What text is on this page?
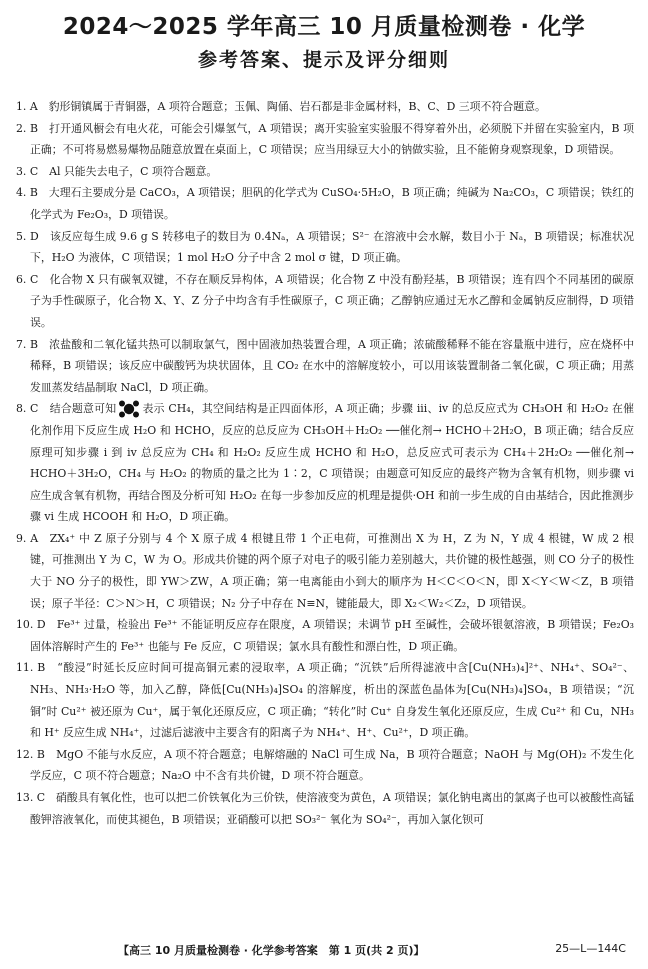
2024～2025 学年高三 10 月质量检测卷 · 化学
参考答案、提示及评分细则

1. A　 豹形铜镇属于青铜器，A 项符合题意；玉佩、陶俑、岩石都是非金属材料，B、C、D 三项不符合题意。

2. B　 打开通风橱会有电火花，可能会引爆氢气，A 项错误；离开实验室实验服不得穿着外出，必须脱下并留在实验室内，B 项正确；不可将易燃易爆物品随意放置在桌面上，C 项错误；应当用绿豆大小的钠做实验，且不能俯身观察现象，D 项错误。

3. C　 Al 只能失去电子，C 项符合题意。

4. B　 大理石主要成分是 CaCO₃，A 项错误；胆矾的化学式为 CuSO₄·5H₂O，B 项正确；纯碱为 Na₂CO₃，C 项错误；铁红的化学式为 Fe₂O₃，D 项错误。

5. D　 该反应每生成 9.6 g S 转移电子的数目为 0.4Nₐ，A 项错误；S²⁻ 在溶液中会水解，数目小于 Nₐ，B 项错误；标准状况下，H₂O 为液体，C 项错误；1 mol H₂O 分子中含 2 mol σ 键，D 项正确。

6. C　 化合物 X 只有碳氧双键，不存在顺反异构体，A 项错误；化合物 Z 中没有酚羟基，B 项错误；连有四个不同基团的碳原子为手性碳原子，化合物 X、Y、Z 分子中均含有手性碳原子，C 项正确；乙醇钠应通过无水乙醇和金属钠反应制得，D 项错误。

7. B　 浓盐酸和二氧化锰共热可以制取氯气，图中固液加热装置合理，A 项正确；浓硫酸稀释不能在容量瓶中进行，应在烧杯中稀释，B 项错误；该反应中碳酸钙为块状固体，且 CO₂ 在水中的溶解度较小，可以用该装置制备二氧化碳，C 项正确；用蒸发皿蒸发结晶制取 NaCl，D 项正确。

8. C　 结合题意可知 表示 CH₄，其空间结构是正四面体形，A 项正确；步骤 iii、iv 的总反应式为 CH₃OH 和 H₂O₂ 在催化剂作用下反应生成 H₂O 和 HCHO，反应的总反应为 CH₃OH＋H₂O₂ ──催化剂→ HCHO＋2H₂O，B 项正确；结合反应原理可知步骤 i 到 iv 总反应为 CH₄ 和 H₂O₂ 反应生成 HCHO 和 H₂O，总反应式可表示为 CH₄＋2H₂O₂ ──催化剂→ HCHO＋3H₂O，CH₄ 与 H₂O₂ 的物质的量之比为 1∶2，C 项错误；由题意可知反应的最终产物为含氧有机物，则步骤 vi 应生成含氧有机物，再结合图及分析可知 H₂O₂ 在每一步参加反应的机理是提供·OH 和前一步生成的自由基结合，因此推测步骤 vi 生成 HCOOH 和 H₂O，D 项正确。

9. A　 ZX₄⁺ 中 Z 原子分别与 4 个 X 原子成 4 根键且带 1 个正电荷，可推测出 X 为 H，Z 为 N，Y 成 4 根键，W 成 2 根键，可推测出 Y 为 C，W 为 O。形成共价键的两个原子对电子的吸引能力差别越大，共价键的极性越强，则 CO 分子的极性大于 NO 分子的极性，即 YW＞ZW，A 项正确；第一电离能由小到大的顺序为 H＜C＜O＜N，即 X＜Y＜W＜Z，B 项错误；原子半径：C＞N＞H，C 项错误；N₂ 分子中存在 N≡N，键能最大，即 X₂＜W₂＜Z₂，D 项错误。

10. D　 Fe³⁺ 过量，检验出 Fe³⁺ 不能证明反应存在限度，A 项错误；未调节 pH 至碱性，会破坏银氨溶液，B 项错误；Fe₂O₃ 固体溶解时产生的 Fe³⁺ 也能与 Fe 反应，C 项错误；氯水具有酸性和漂白性，D 项正确。

11. B　 “酸浸”时延长反应时间可提高铜元素的浸取率，A 项正确；“沉铁”后所得滤液中含[Cu(NH₃)₄]²⁺、NH₄⁺、SO₄²⁻、NH₃、NH₃·H₂O 等，加入乙醇，降低[Cu(NH₃)₄]SO₄ 的溶解度，析出的深蓝色晶体为[Cu(NH₃)₄]SO₄，B 项错误；“沉铜”时 Cu²⁺ 被还原为 Cu⁺，属于氧化还原反应，C 项正确；“转化”时 Cu⁺ 自身发生氧化还原反应，生成 Cu²⁺ 和 Cu，NH₃ 和 H⁺ 反应生成 NH₄⁺，过滤后滤液中主要含有的阳离子为 NH₄⁺、H⁺、Cu²⁺，D 项正确。

12. B　 MgO 不能与水反应，A 项不符合题意；电解熔融的 NaCl 可生成 Na，B 项符合题意；NaOH 与 Mg(OH)₂ 不发生化学反应，C 项不符合题意；Na₂O 中不含有共价键，D 项不符合题意。

13. C　 硝酸具有氧化性，也可以把二价铁氧化为三价铁，使溶液变为黄色，A 项错误；氯化钠电离出的氯离子也可以被酸性高锰酸钾溶液氧化，而使其褪色，B 项错误；亚硝酸可以把 SO₃²⁻ 氧化为 SO₄²⁻，再加入氯化钡可

【高三 10 月质量检测卷 · 化学参考答案　第 1 页(共 2 页)】	25—L—144C
